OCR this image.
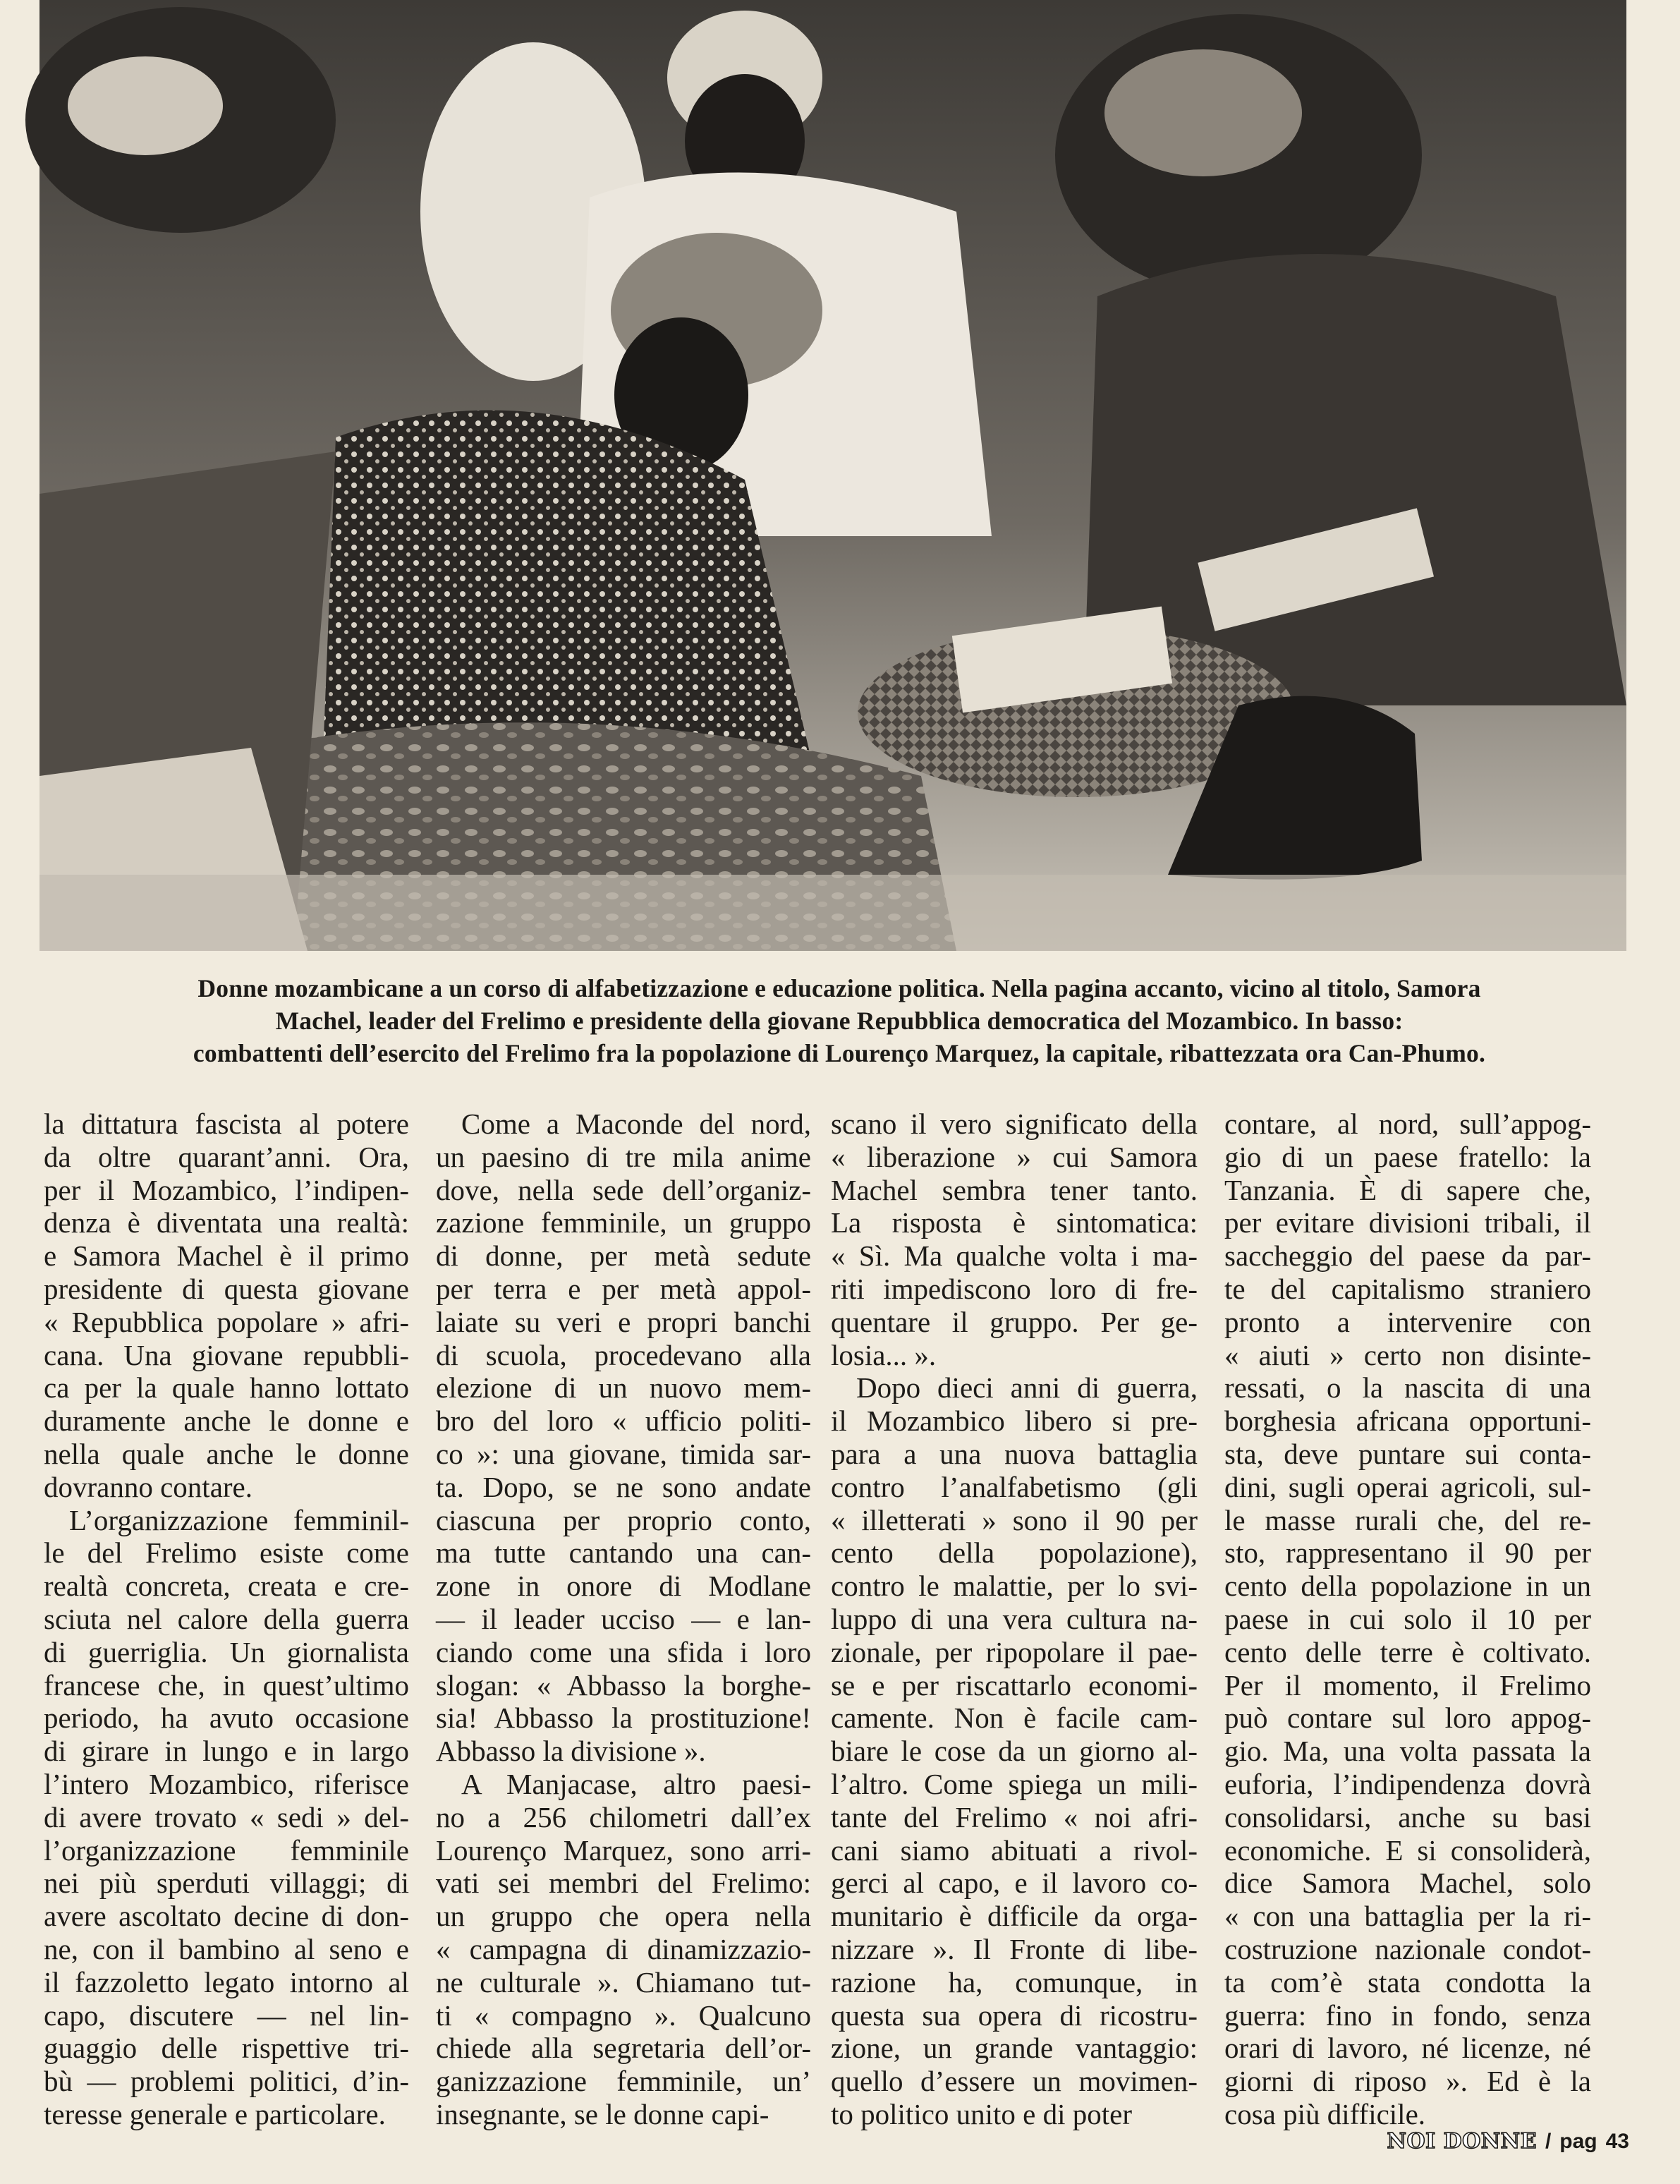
Donne mozambicane a un corso di alfabetizzazione e educazione politica. Nella pagina accanto, vicino al titolo, Samora
Machel, leader del Frelimo e presidente della giovane Repubblica democratica del Mozambico. In basso:
combattenti dell’esercito del Frelimo fra la popolazione di Lourenço Marquez, la capitale, ribattezzata ora Can-Phumo.

la dittatura fascista al potere

da oltre quarant’anni. Ora,

per il Mozambico, l’indipen-

denza è diventata una realtà:

e Samora Machel è il primo

presidente di questa giovane

« Repubblica popolare » afri-

cana. Una giovane repubbli-

ca per la quale hanno lottato

duramente anche le donne e

nella quale anche le donne

dovranno contare.

L’organizzazione femminil-

le del Frelimo esiste come

realtà concreta, creata e cre-

sciuta nel calore della guerra

di guerriglia. Un giornalista

francese che, in quest’ultimo

periodo, ha avuto occasione

di girare in lungo e in largo

l’intero Mozambico, riferisce

di avere trovato « sedi » del-

l’organizzazione femminile

nei più sperduti villaggi; di

avere ascoltato decine di don-

ne, con il bambino al seno e

il fazzoletto legato intorno al

capo, discutere — nel lin-

guaggio delle rispettive tri-

bù — problemi politici, d’in-

teresse generale e particolare.

Come a Maconde del nord,

un paesino di tre mila anime

dove, nella sede dell’organiz-

zazione femminile, un gruppo

di donne, per metà sedute

per terra e per metà appol-

laiate su veri e propri banchi

di scuola, procedevano alla

elezione di un nuovo mem-

bro del loro « ufficio politi-

co »: una giovane, timida sar-

ta. Dopo, se ne sono andate

ciascuna per proprio conto,

ma tutte cantando una can-

zone in onore di Modlane

— il leader ucciso — e lan-

ciando come una sfida i loro

slogan: « Abbasso la borghe-

sia! Abbasso la prostituzione!

Abbasso la divisione ».

A Manjacase, altro paesi-

no a 256 chilometri dall’ex

Lourenço Marquez, sono arri-

vati sei membri del Frelimo:

un gruppo che opera nella

« campagna di dinamizzazio-

ne culturale ». Chiamano tut-

ti « compagno ». Qualcuno

chiede alla segretaria dell’or-

ganizzazione femminile, un’

insegnante, se le donne capi-

scano il vero significato della

« liberazione » cui Samora

Machel sembra tener tanto.

La risposta è sintomatica:

« Sì. Ma qualche volta i ma-

riti impediscono loro di fre-

quentare il gruppo. Per ge-

losia... ».

Dopo dieci anni di guerra,

il Mozambico libero si pre-

para a una nuova battaglia

contro l’analfabetismo (gli

« illetterati » sono il 90 per

cento della popolazione),

contro le malattie, per lo svi-

luppo di una vera cultura na-

zionale, per ripopolare il pae-

se e per riscattarlo economi-

camente. Non è facile cam-

biare le cose da un giorno al-

l’altro. Come spiega un mili-

tante del Frelimo « noi afri-

cani siamo abituati a rivol-

gerci al capo, e il lavoro co-

munitario è difficile da orga-

nizzare ». Il Fronte di libe-

razione ha, comunque, in

questa sua opera di ricostru-

zione, un grande vantaggio:

quello d’essere un movimen-

to politico unito e di poter

contare, al nord, sull’appog-

gio di un paese fratello: la

Tanzania. È di sapere che,

per evitare divisioni tribali, il

saccheggio del paese da par-

te del capitalismo straniero

pronto a intervenire con

« aiuti » certo non disinte-

ressati, o la nascita di una

borghesia africana opportuni-

sta, deve puntare sui conta-

dini, sugli operai agricoli, sul-

le masse rurali che, del re-

sto, rappresentano il 90 per

cento della popolazione in un

paese in cui solo il 10 per

cento delle terre è coltivato.

Per il momento, il Frelimo

può contare sul loro appog-

gio. Ma, una volta passata la

euforia, l’indipendenza dovrà

consolidarsi, anche su basi

economiche. E si consoliderà,

dice Samora Machel, solo

« con una battaglia per la ri-

costruzione nazionale condot-

ta com’è stata condotta la

guerra: fino in fondo, senza

orari di lavoro, né licenze, né

giorni di riposo ». Ed è la

cosa più difficile.

NOI DONNE / pag 43
